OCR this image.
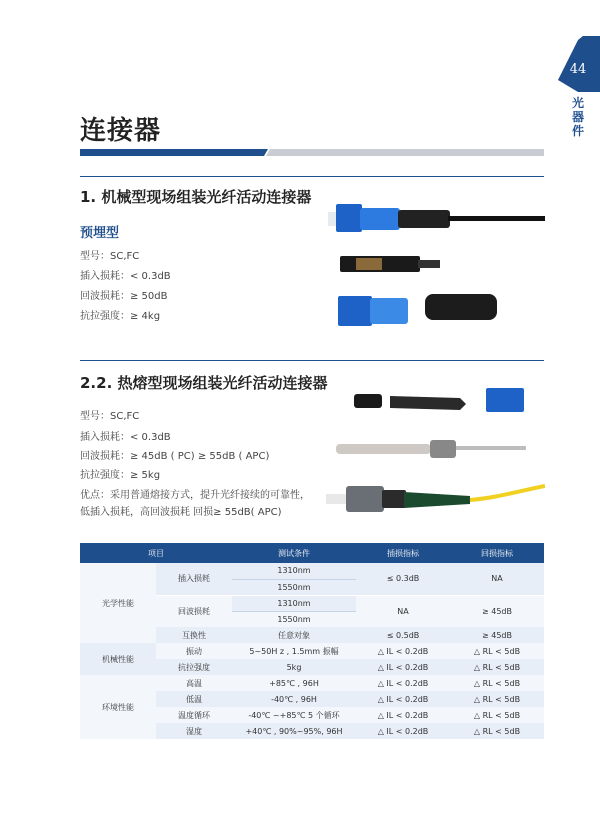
44
光器件
连接器
1. 机械型现场组装光纤活动连接器
预埋型
型号：SC,FC
插入损耗：< 0.3dB
回波损耗：≥ 50dB
抗拉强度：≥ 4kg
2.2. 热熔型现场组装光纤活动连接器
型号：SC,FC
插入损耗：< 0.3dB
回波损耗：≥ 45dB ( PC) ≥ 55dB ( APC)
抗拉强度：≥ 5kg
优点：采用普通熔接方式，提升光纤接续的可靠性，
低插入损耗，高回波损耗 回损≥ 55dB( APC)
项目		测试条件	插损指标	回损指标
光学性能	插入损耗	1310nm	≤ 0.3dB	NA
		1550nm		
	回波损耗	1310nm	NA	≥ 45dB
		1550nm		
	互换性	任意对象	≤ 0.5dB	≥ 45dB
机械性能	振动	5~50H z , 1.5mm 振幅	△ IL < 0.2dB	△ RL < 5dB
	抗拉强度	5kg	△ IL < 0.2dB	△ RL < 5dB
环境性能	高温	+85℃ , 96H	△ IL < 0.2dB	△ RL < 5dB
	低温	-40℃ , 96H	△ IL < 0.2dB	△ RL < 5dB
	温度循环	-40℃ ~+85℃ 5 个循环	△ IL < 0.2dB	△ RL < 5dB
	湿度	+40℃ , 90%~95%, 96H	△ IL < 0.2dB	△ RL < 5dB
